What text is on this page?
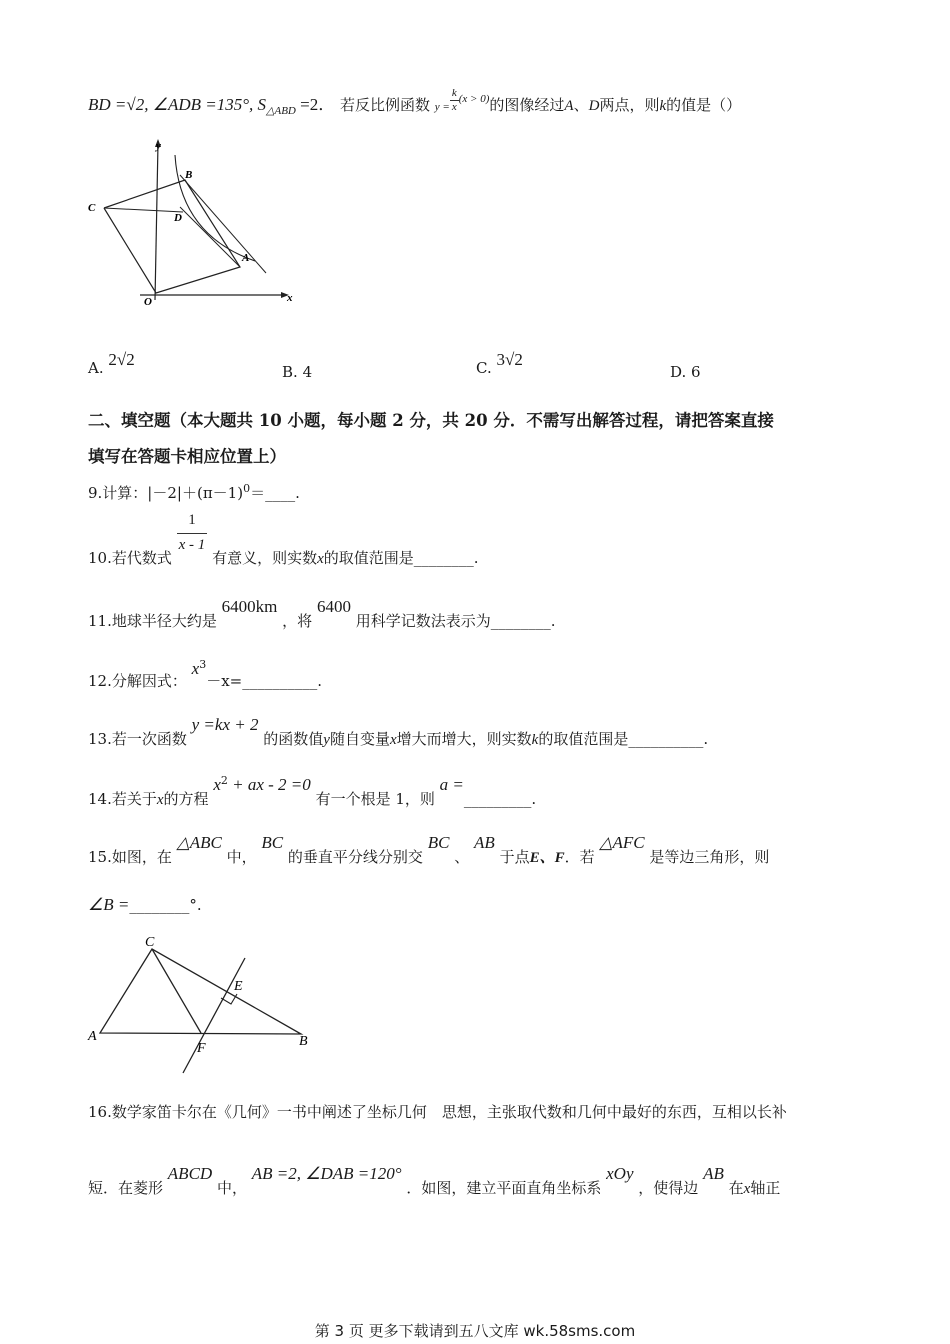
BD =√2, ∠ADB =135°, $S_{\triangle ABD} =2$． 若反比例函数 $y = \frac{k}{x} ^{(x > 0)}$的图像经过A、D两点，则k的值是（）
y
B
C
D
A
O	x
A. 2√2
B. 4	C. 3√2
D. 6
二、填空题（本大题共 10 小题，每小题 2 分，共 20 分．不需写出解答过程，请把答案直接
填写在答题卡相应位置上）
9.计算：$|-2|+(\pi-1)^0=\_\_\_\_$.
10.若代数式
$\frac{1}{x - 1}$
有意义，则实数x的取值范围是________.
11.地球半径大约是 6400km ，将 6400 用科学记数法表示为________.
12.分解因式： $x^3-x=\_\_\_\_\_\_\_\_\_\_$.
13.若一次函数 y =kx + 2 的函数值y随自变量x增大而增大，则实数k的取值范围是__________.
14.若关于x的方程 $x^2$ + ax - 2 =0 有一个根是 1，则 a =_________.
15.如图，在 △ABC 中， BC 的垂直平分线分别交 BC 、 AB 于点E、F．若 △AFC 是等边三角形，则
∠B =________°.
C
E
A
F	B
16.数学家笛卡尔在《几何》一书中阐述了坐标几何　思想，主张取代数和几何中最好的东西，互相以长补
短．在菱形 ABCD 中， AB =2, ∠DAB =120° ．如图，建立平面直角坐标系 xOy ，使得边 AB 在x轴正
第 3 页 更多下载请到五八文库 wk.58sms.com
